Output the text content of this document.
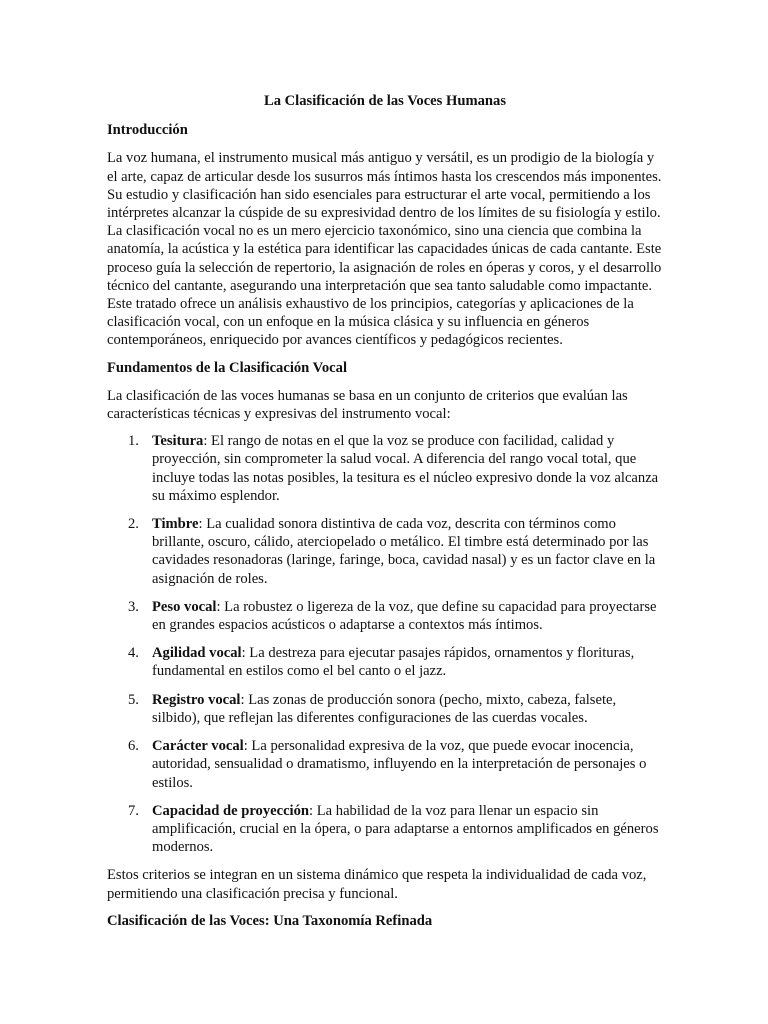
La Clasificación de las Voces Humanas
Introducción

La voz humana, el instrumento musical más antiguo y versátil, es un prodigio de la biología y el arte, capaz de articular desde los susurros más íntimos hasta los crescendos más imponentes. Su estudio y clasificación han sido esenciales para estructurar el arte vocal, permitiendo a los intérpretes alcanzar la cúspide de su expresividad dentro de los límites de su fisiología y estilo. La clasificación vocal no es un mero ejercicio taxonómico, sino una ciencia que combina la anatomía, la acústica y la estética para identificar las capacidades únicas de cada cantante. Este proceso guía la selección de repertorio, la asignación de roles en óperas y coros, y el desarrollo técnico del cantante, asegurando una interpretación que sea tanto saludable como impactante. Este tratado ofrece un análisis exhaustivo de los principios, categorías y aplicaciones de la clasificación vocal, con un enfoque en la música clásica y su influencia en géneros contemporáneos, enriquecido por avances científicos y pedagógicos recientes.

Fundamentos de la Clasificación Vocal

La clasificación de las voces humanas se basa en un conjunto de criterios que evalúan las características técnicas y expresivas del instrumento vocal:

1. Tesitura: El rango de notas en el que la voz se produce con facilidad, calidad y proyección, sin comprometer la salud vocal. A diferencia del rango vocal total, que incluye todas las notas posibles, la tesitura es el núcleo expresivo donde la voz alcanza su máximo esplendor.
2. Timbre: La cualidad sonora distintiva de cada voz, descrita con términos como brillante, oscuro, cálido, aterciopelado o metálico. El timbre está determinado por las cavidades resonadoras (laringe, faringe, boca, cavidad nasal) y es un factor clave en la asignación de roles.
3. Peso vocal: La robustez o ligereza de la voz, que define su capacidad para proyectarse en grandes espacios acústicos o adaptarse a contextos más íntimos.
4. Agilidad vocal: La destreza para ejecutar pasajes rápidos, ornamentos y florituras, fundamental en estilos como el bel canto o el jazz.
5. Registro vocal: Las zonas de producción sonora (pecho, mixto, cabeza, falsete, silbido), que reflejan las diferentes configuraciones de las cuerdas vocales.
6. Carácter vocal: La personalidad expresiva de la voz, que puede evocar inocencia, autoridad, sensualidad o dramatismo, influyendo en la interpretación de personajes o estilos.
7. Capacidad de proyección: La habilidad de la voz para llenar un espacio sin amplificación, crucial en la ópera, o para adaptarse a entornos amplificados en géneros modernos.

Estos criterios se integran en un sistema dinámico que respeta la individualidad de cada voz, permitiendo una clasificación precisa y funcional.

Clasificación de las Voces: Una Taxonomía Refinada
